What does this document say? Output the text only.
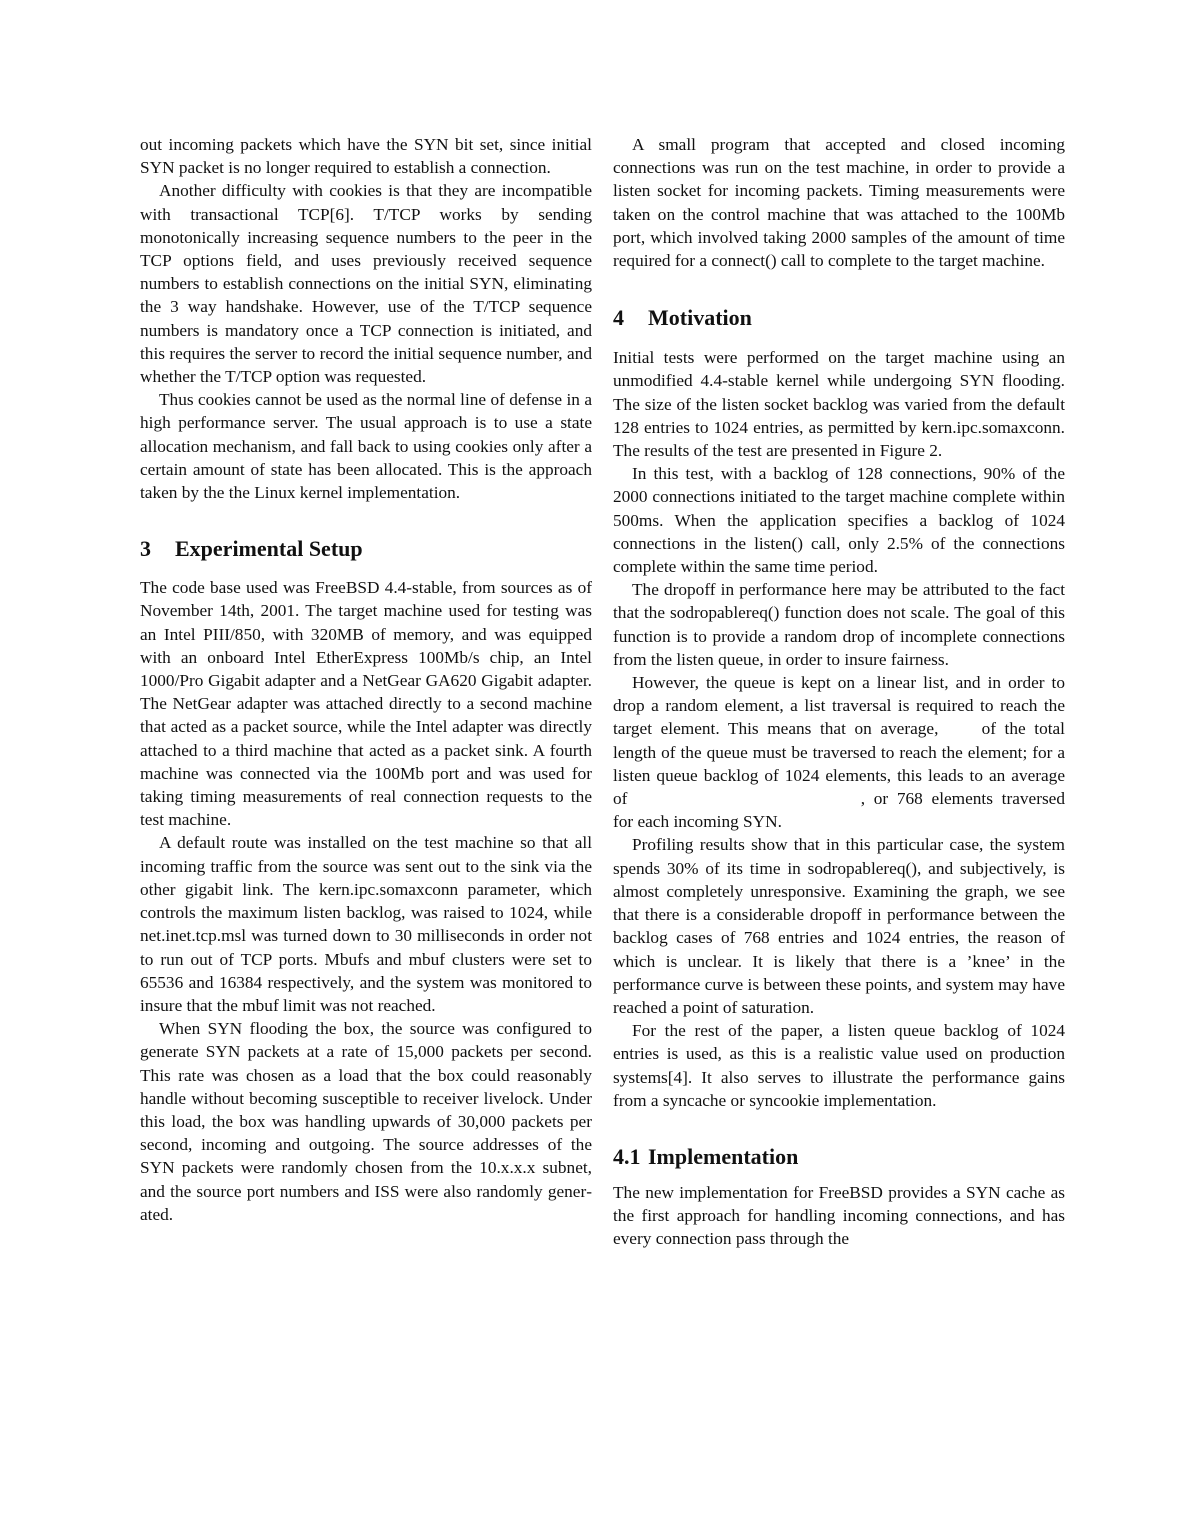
out incoming packets which have the SYN bit set, since initial SYN packet is no longer required to establish a connection.

Another difficulty with cookies is that they are incompatible with transactional TCP[6]. T/TCP works by sending monotonically increasing sequence numbers to the peer in the TCP options field, and uses previously received sequence numbers to establish connections on the initial SYN, eliminating the 3 way handshake. However, use of the T/TCP sequence numbers is mandatory once a TCP connection is initiated, and this requires the server to record the initial sequence number, and whether the T/TCP option was requested.

Thus cookies cannot be used as the normal line of defense in a high performance server. The usual approach is to use a state allocation mechanism, and fall back to using cookies only after a certain amount of state has been allocated. This is the approach taken by the the Linux kernel implementation.

3 Experimental Setup

The code base used was FreeBSD 4.4-stable, from sources as of November 14th, 2001. The target machine used for testing was an Intel PIII/850, with 320MB of memory, and was equipped with an onboard Intel EtherExpress 100Mb/s chip, an Intel 1000/Pro Gigabit adapter and a NetGear GA620 Gigabit adapter. The NetGear adapter was attached directly to a second machine that acted as a packet source, while the Intel adapter was directly attached to a third machine that acted as a packet sink. A fourth machine was connected via the 100Mb port and was used for taking timing measurements of real connection requests to the test machine.

A default route was installed on the test machine so that all incoming traffic from the source was sent out to the sink via the other gigabit link. The kern.ipc.somaxconn parameter, which controls the maximum listen backlog, was raised to 1024, while net.inet.tcp.msl was turned down to 30 milliseconds in order not to run out of TCP ports. Mbufs and mbuf clusters were set to 65536 and 16384 respectively, and the system was monitored to insure that the mbuf limit was not reached.

When SYN flooding the box, the source was configured to generate SYN packets at a rate of 15,000 packets per second. This rate was chosen as a load that the box could reasonably handle without becoming susceptible to receiver livelock. Under this load, the box was handling upwards of 30,000 packets per second, incoming and outgoing. The source addresses of the SYN packets were randomly chosen from the 10.x.x.x subnet, and the source port numbers and ISS were also randomly generated.

A small program that accepted and closed incoming connections was run on the test machine, in order to provide a listen socket for incoming packets. Timing measurements were taken on the control machine that was attached to the 100Mb port, which involved taking 2000 samples of the amount of time required for a connect() call to complete to the target machine.

4 Motivation

Initial tests were performed on the target machine using an unmodified 4.4-stable kernel while undergoing SYN flooding. The size of the listen socket backlog was varied from the default 128 entries to 1024 entries, as permitted by kern.ipc.somaxconn. The results of the test are presented in Figure 2.

In this test, with a backlog of 128 connections, 90% of the 2000 connections initiated to the target machine complete within 500ms. When the application specifies a backlog of 1024 connections in the listen() call, only 2.5% of the connections complete within the same time period.

The dropoff in performance here may be attributed to the fact that the sodropablereq() function does not scale. The goal of this function is to provide a random drop of incomplete connections from the listen queue, in order to insure fairness.

However, the queue is kept on a linear list, and in order to drop a random element, a list traversal is required to reach the target element. This means that on average,   of the total length of the queue must be traversed to reach the element; for a listen queue backlog of 1024 elements, this leads to an average of              , or 768 elements traversed for each incoming SYN.

Profiling results show that in this particular case, the system spends 30% of its time in sodropablereq(), and subjectively, is almost completely unresponsive. Examining the graph, we see that there is a considerable dropoff in performance between the backlog cases of 768 entries and 1024 entries, the reason of which is unclear. It is likely that there is a ’knee’ in the performance curve is between these points, and system may have reached a point of saturation.

For the rest of the paper, a listen queue backlog of 1024 entries is used, as this is a realistic value used on production systems[4]. It also serves to illustrate the performance gains from a syncache or syncookie implementation.

4.1 Implementation

The new implementation for FreeBSD provides a SYN cache as the first approach for handling incoming connections, and has every connection pass through the
